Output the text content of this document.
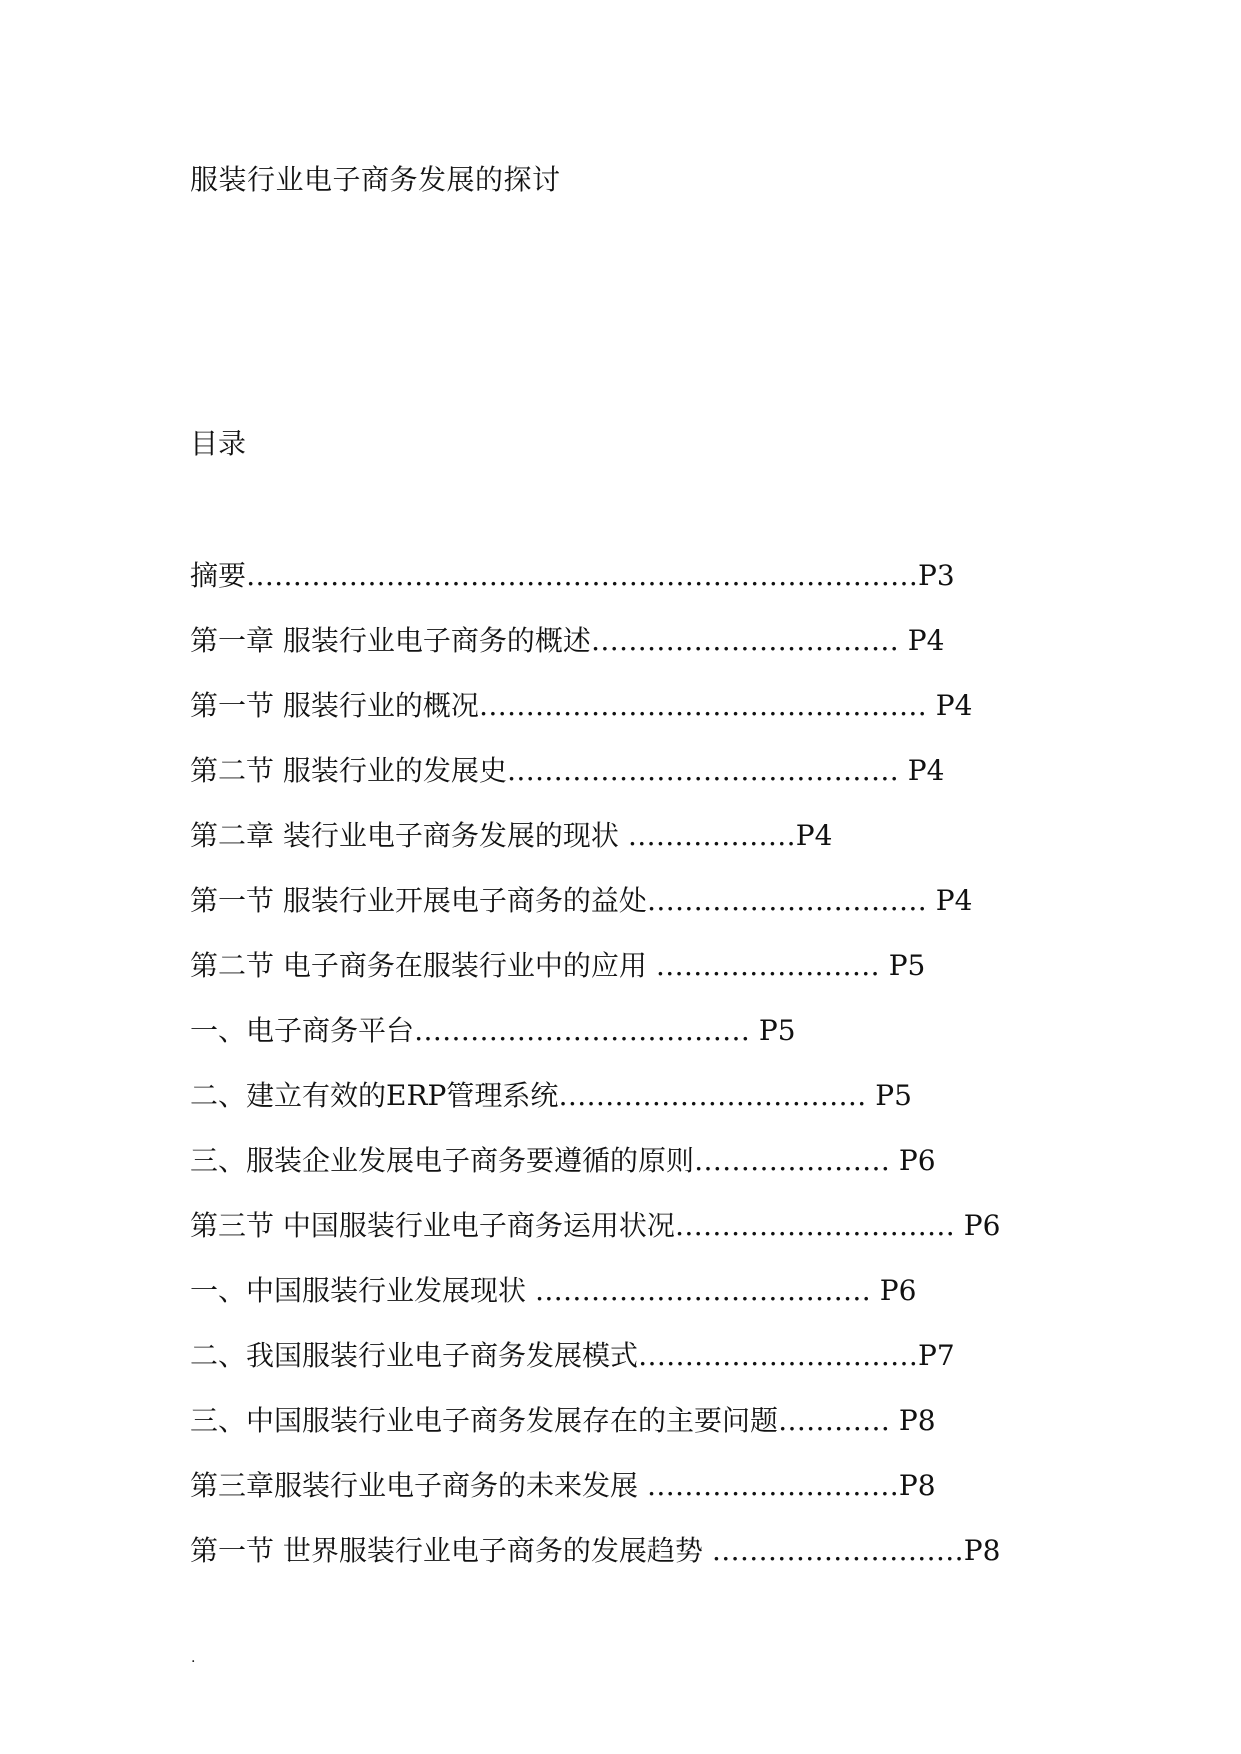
服装行业电子商务发展的探讨
目录
摘要………………………………………………………………P3
第一章 服装行业电子商务的概述…………………………… P4
第一节 服装行业的概况………………………………………… P4
第二节 服装行业的发展史…………………………………… P4
第二章 装行业电子商务发展的现状 ………………P4
第一节 服装行业开展电子商务的益处………………………… P4
第二节 电子商务在服装行业中的应用 …………………… P5
一、电子商务平台……………………………… P5
二、建立有效的ERP管理系统…………………………… P5
三、服装企业发展电子商务要遵循的原则………………… P6
第三节 中国服装行业电子商务运用状况………………………… P6
一、中国服装行业发展现状 ……………………………… P6
二、我国服装行业电子商务发展模式…………………………P7
三、中国服装行业电子商务发展存在的主要问题………… P8
第三章服装行业电子商务的未来发展 ………………………P8
第一节 世界服装行业电子商务的发展趋势 ………………………P8
.
